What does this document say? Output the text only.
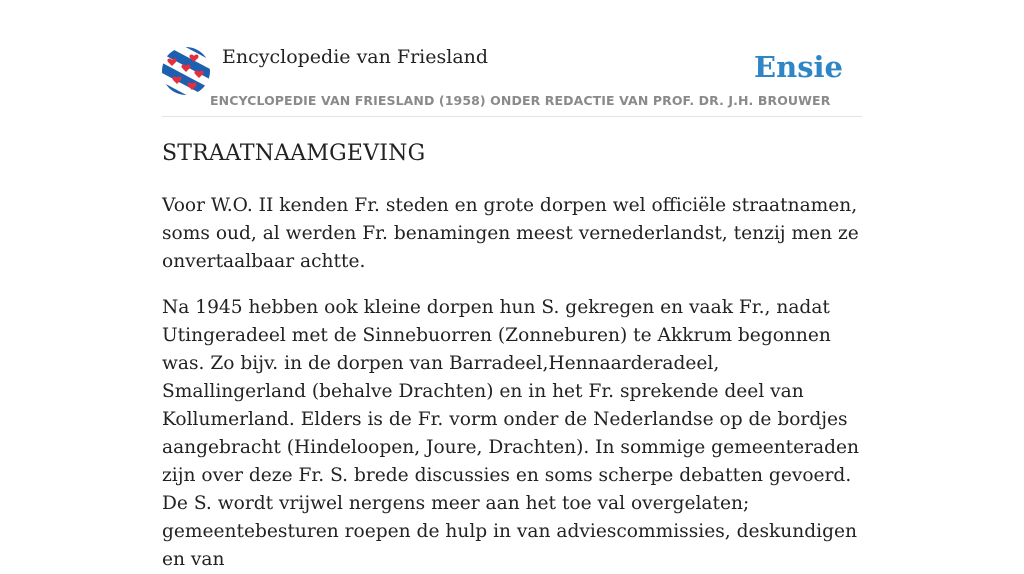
Encyclopedie van Friesland
ENCYCLOPEDIE VAN FRIESLAND (1958) ONDER REDACTIE VAN PROF. DR. J.H. BROUWER
Ensie
STRAATNAAMGEVING

Voor W.O. II kenden Fr. steden en grote dorpen wel officiële straatnamen, soms oud, al werden Fr. benamingen meest vernederlandst, tenzij men ze onvertaalbaar achtte.

Na 1945 hebben ook kleine dorpen hun S. gekregen en vaak Fr., nadat Utingeradeel met de Sinnebuorren (Zonneburen) te Akkrum begonnen was. Zo bijv. in de dorpen van Barradeel,Hennaarderadeel, Smallingerland (behalve Drachten) en in het Fr. sprekende deel van Kollumerland. Elders is de Fr. vorm onder de Nederlandse op de bordjes aangebracht (Hindeloopen, Joure, Drachten). In sommige gemeenteraden zijn over deze Fr. S. brede discussies en soms scherpe debatten gevoerd. De S. wordt vrijwel nergens meer aan het toe val overgelaten; gemeentebesturen roepen de hulp in van adviescommissies, deskundigen en van
